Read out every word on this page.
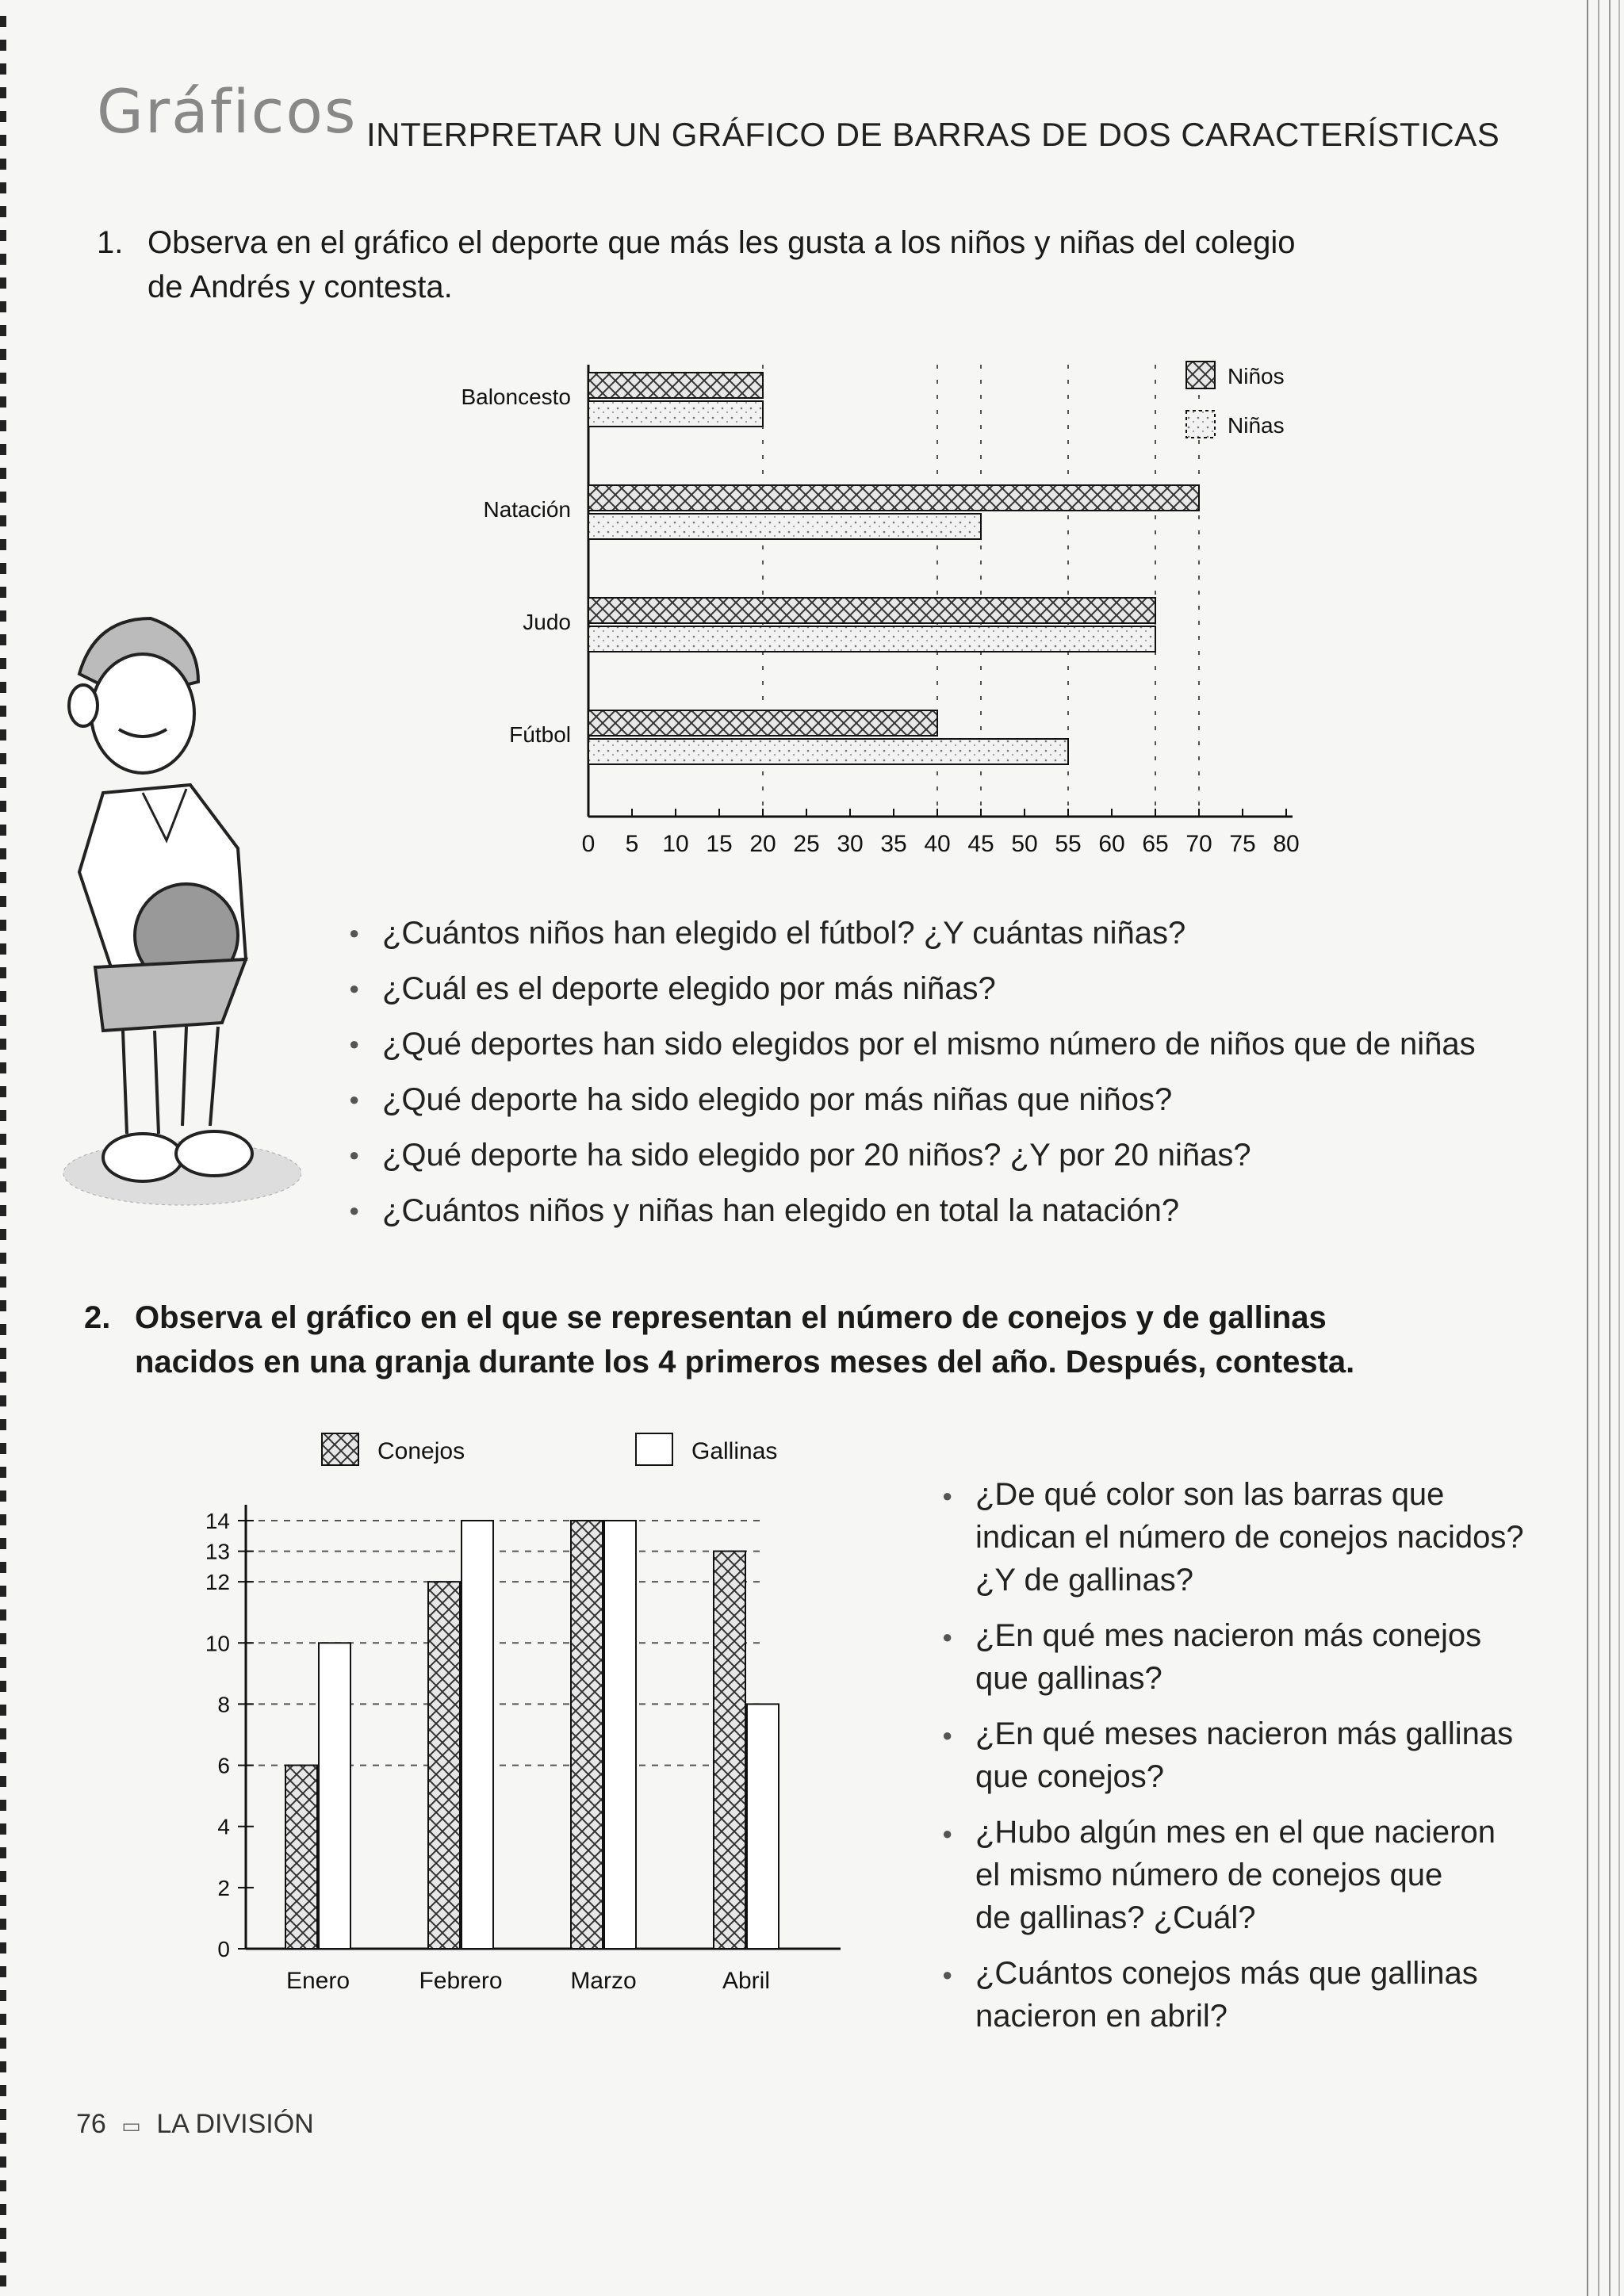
Gráficos INTERPRETAR UN GRÁFICO DE BARRAS DE DOS CARACTERÍSTICAS
1. Observa en el gráfico el deporte que más les gusta a los niños y niñas del colegio
de Andrés y contesta.
0 5 10 15 20 25 30 35 40 45 50 55 60 65 70 75 80
Baloncesto
Natación
Judo
Fútbol
Niños
Niñas
● ¿Cuántos niños han elegido el fútbol? ¿Y cuántas niñas?
● ¿Cuál es el deporte elegido por más niñas?
● ¿Qué deportes han sido elegidos por el mismo número de niños que de niñas
● ¿Qué deporte ha sido elegido por más niñas que niños?
● ¿Qué deporte ha sido elegido por 20 niños? ¿Y por 20 niñas?
● ¿Cuántos niños y niñas han elegido en total la natación?
2. Observa el gráfico en el que se representan el número de conejos y de gallinas
nacidos en una granja durante los 4 primeros meses del año. Después, contesta.
0
2
4
6
8
10
12
13
14
Enero	Febrero	Marzo	Abril
Conejos	Gallinas
● ¿De qué color son las barras que
indican el número de conejos nacidos?
¿Y de gallinas?
● ¿En qué mes nacieron más conejos
que gallinas?
● ¿En qué meses nacieron más gallinas
que conejos?
● ¿Hubo algún mes en el que nacieron
el mismo número de conejos que
de gallinas? ¿Cuál?
● ¿Cuántos conejos más que gallinas
nacieron en abril?
76 ▭ LA DIVISIÓN
